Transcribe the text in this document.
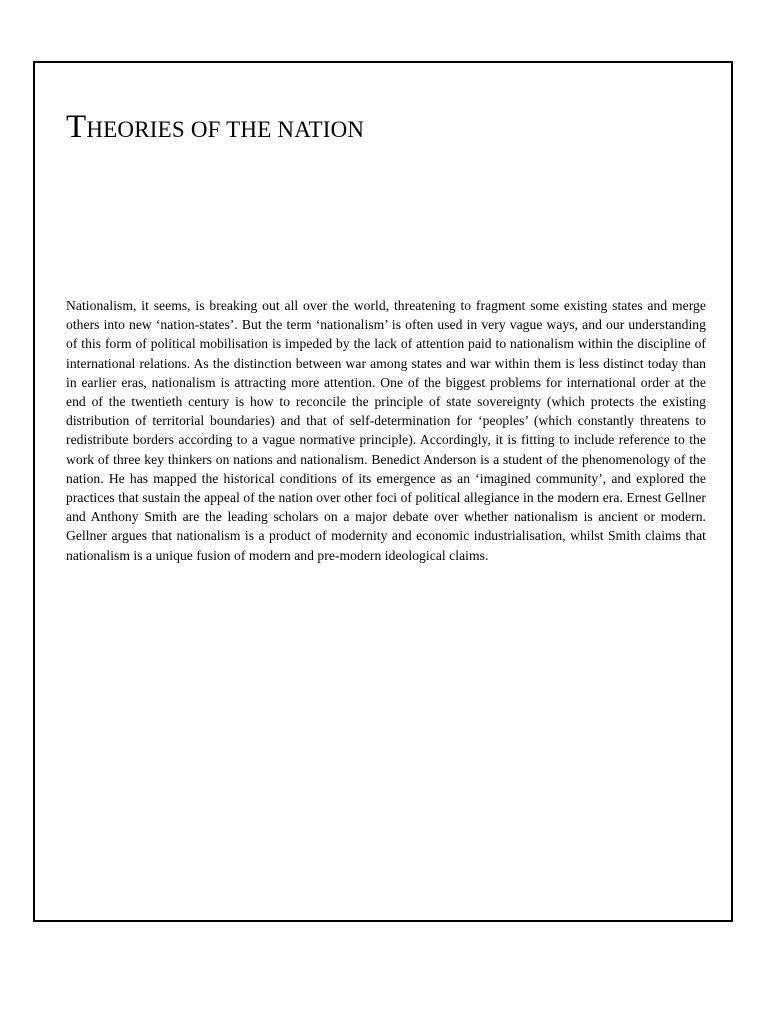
THEORIES OF THE NATION

Nationalism, it seems, is breaking out all over the world, threatening to fragment some existing states and merge others into new ‘nation-states’. But the term ‘nationalism’ is often used in very vague ways, and our understanding of this form of political mobilisation is impeded by the lack of attention paid to nationalism within the discipline of international relations. As the distinction between war among states and war within them is less distinct today than in earlier eras, nationalism is attracting more attention. One of the biggest problems for international order at the end of the twentieth century is how to reconcile the principle of state sovereignty (which protects the existing distribution of territorial boundaries) and that of self-determination for ‘peoples’ (which constantly threatens to redistribute borders according to a vague normative principle). Accordingly, it is fitting to include reference to the work of three key thinkers on nations and nationalism. Benedict Anderson is a student of the phenomenology of the nation. He has mapped the historical conditions of its emergence as an ‘imagined community’, and explored the practices that sustain the appeal of the nation over other foci of political allegiance in the modern era. Ernest Gellner and Anthony Smith are the leading scholars on a major debate over whether nationalism is ancient or modern. Gellner argues that nationalism is a product of modernity and economic industrialisation, whilst Smith claims that nationalism is a unique fusion of modern and pre-modern ideological claims.
